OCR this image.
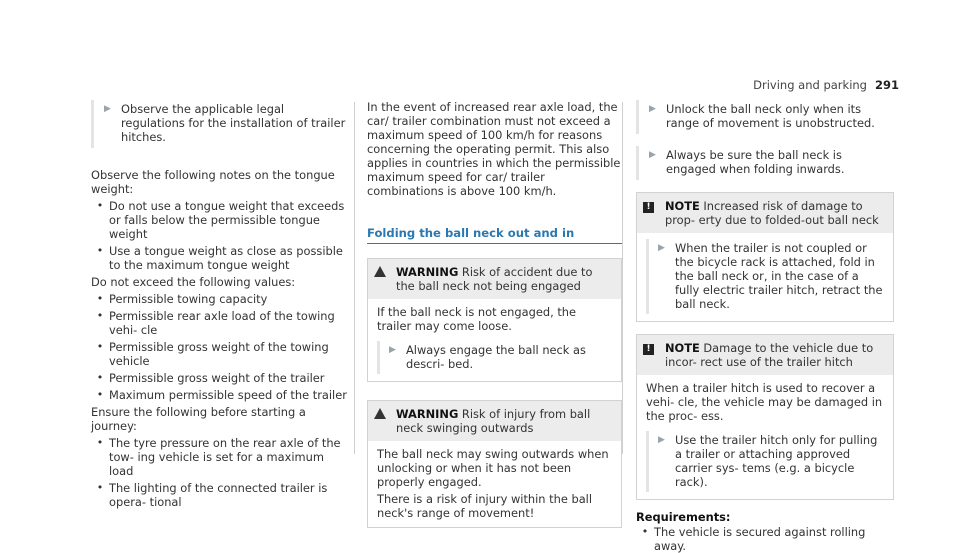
Driving and parking 291
▶ Observe the applicable legal regulations for the installation of trailer hitches.
Observe the following notes on the tongue weight:
• Do not use a tongue weight that exceeds or falls below the permissible tongue weight
• Use a tongue weight as close as possible to the maximum tongue weight
Do not exceed the following values:
• Permissible towing capacity
• Permissible rear axle load of the towing vehi- cle
• Permissible gross weight of the towing vehicle
• Permissible gross weight of the trailer
• Maximum permissible speed of the trailer
Ensure the following before starting a journey:
• The tyre pressure on the rear axle of the tow- ing vehicle is set for a maximum load
• The lighting of the connected trailer is opera- tional
In the event of increased rear axle load, the car/ trailer combination must not exceed a maximum speed of 100 km/h for reasons concerning the operating permit. This also applies in countries in which the permissible maximum speed for car/ trailer combinations is above 100 km/h.
Folding the ball neck out and in
WARNING Risk of accident due to the ball neck not being engaged
If the ball neck is not engaged, the trailer may come loose.
▶ Always engage the ball neck as descri- bed.
WARNING Risk of injury from ball neck swinging outwards
The ball neck may swing outwards when unlocking or when it has not been properly engaged.
There is a risk of injury within the ball neck's range of movement!
▶ Unlock the ball neck only when its range of movement is unobstructed.
▶ Always be sure the ball neck is engaged when folding inwards.
!	NOTE Increased risk of damage to prop- erty due to folded-out ball neck
▶ When the trailer is not coupled or the bicycle rack is attached, fold in the ball neck or, in the case of a fully electric trailer hitch, retract the ball neck.
!	NOTE Damage to the vehicle due to incor- rect use of the trailer hitch
When a trailer hitch is used to recover a vehi- cle, the vehicle may be damaged in the proc- ess.
▶ Use the trailer hitch only for pulling a trailer or attaching approved carrier sys- tems (e.g. a bicycle rack).
Requirements:
• The vehicle is secured against rolling away.
